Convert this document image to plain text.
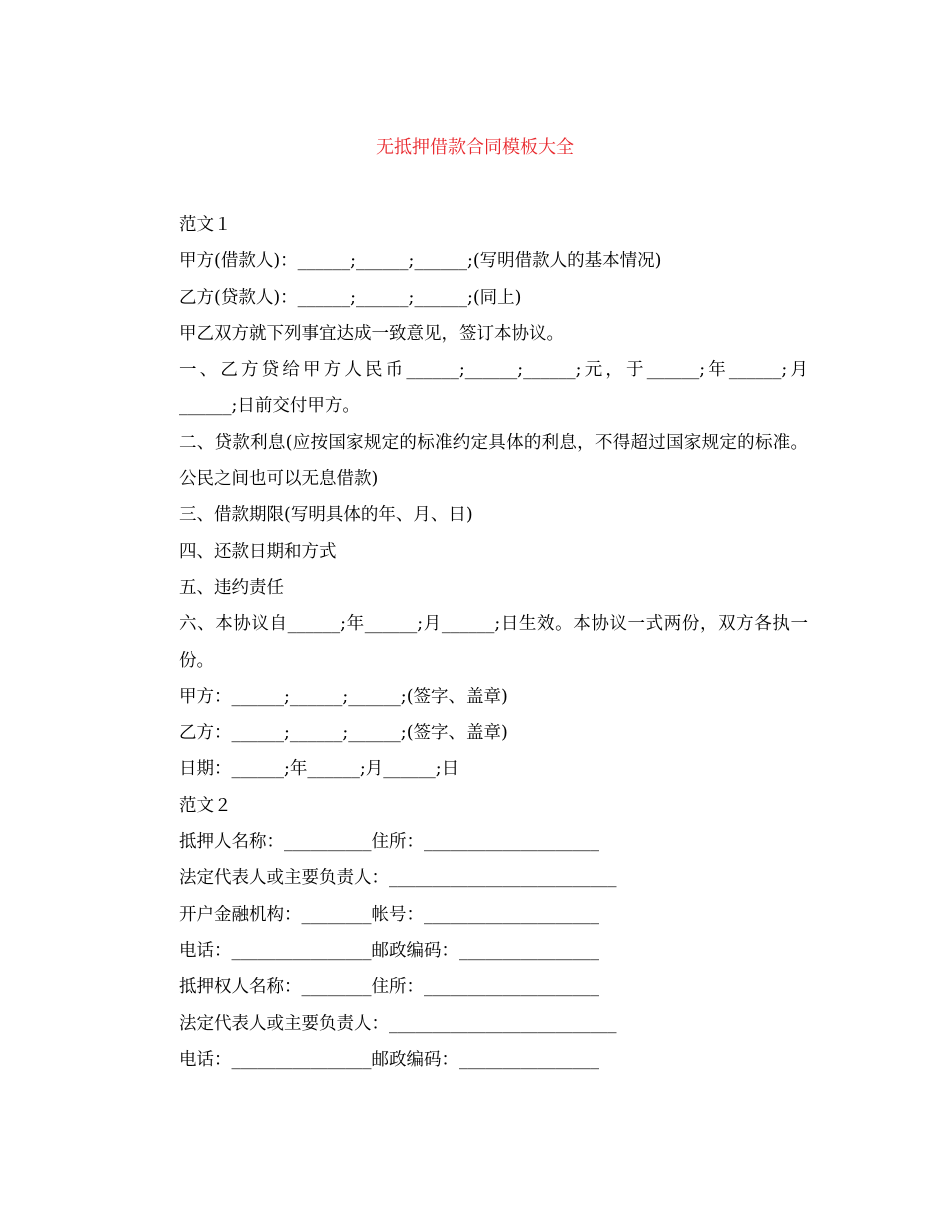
无抵押借款合同模板大全
范文１
甲方(借款人)：______;______;______;(写明借款人的基本情况)
乙方(贷款人)：______;______;______;(同上)
甲乙双方就下列事宜达成一致意见，签订本协议。
一、乙方贷给甲方人民币______;______;______;元，于______;年______;月______;日前交付甲方。
二、贷款利息(应按国家规定的标准约定具体的利息，不得超过国家规定的标准。公民之间也可以无息借款)
三、借款期限(写明具体的年、月、日)
四、还款日期和方式
五、违约责任
六、本协议自______;年______;月______;日生效。本协议一式两份，双方各执一份。
甲方：______;______;______;(签字、盖章)
乙方：______;______;______;(签字、盖章)
日期：______;年______;月______;日
范文２
抵押人名称：__________住所：____________________
法定代表人或主要负责人：__________________________
开户金融机构：________帐号：____________________
电话：________________邮政编码：________________
抵押权人名称：________住所：____________________
法定代表人或主要负责人：__________________________
电话：________________邮政编码：________________
